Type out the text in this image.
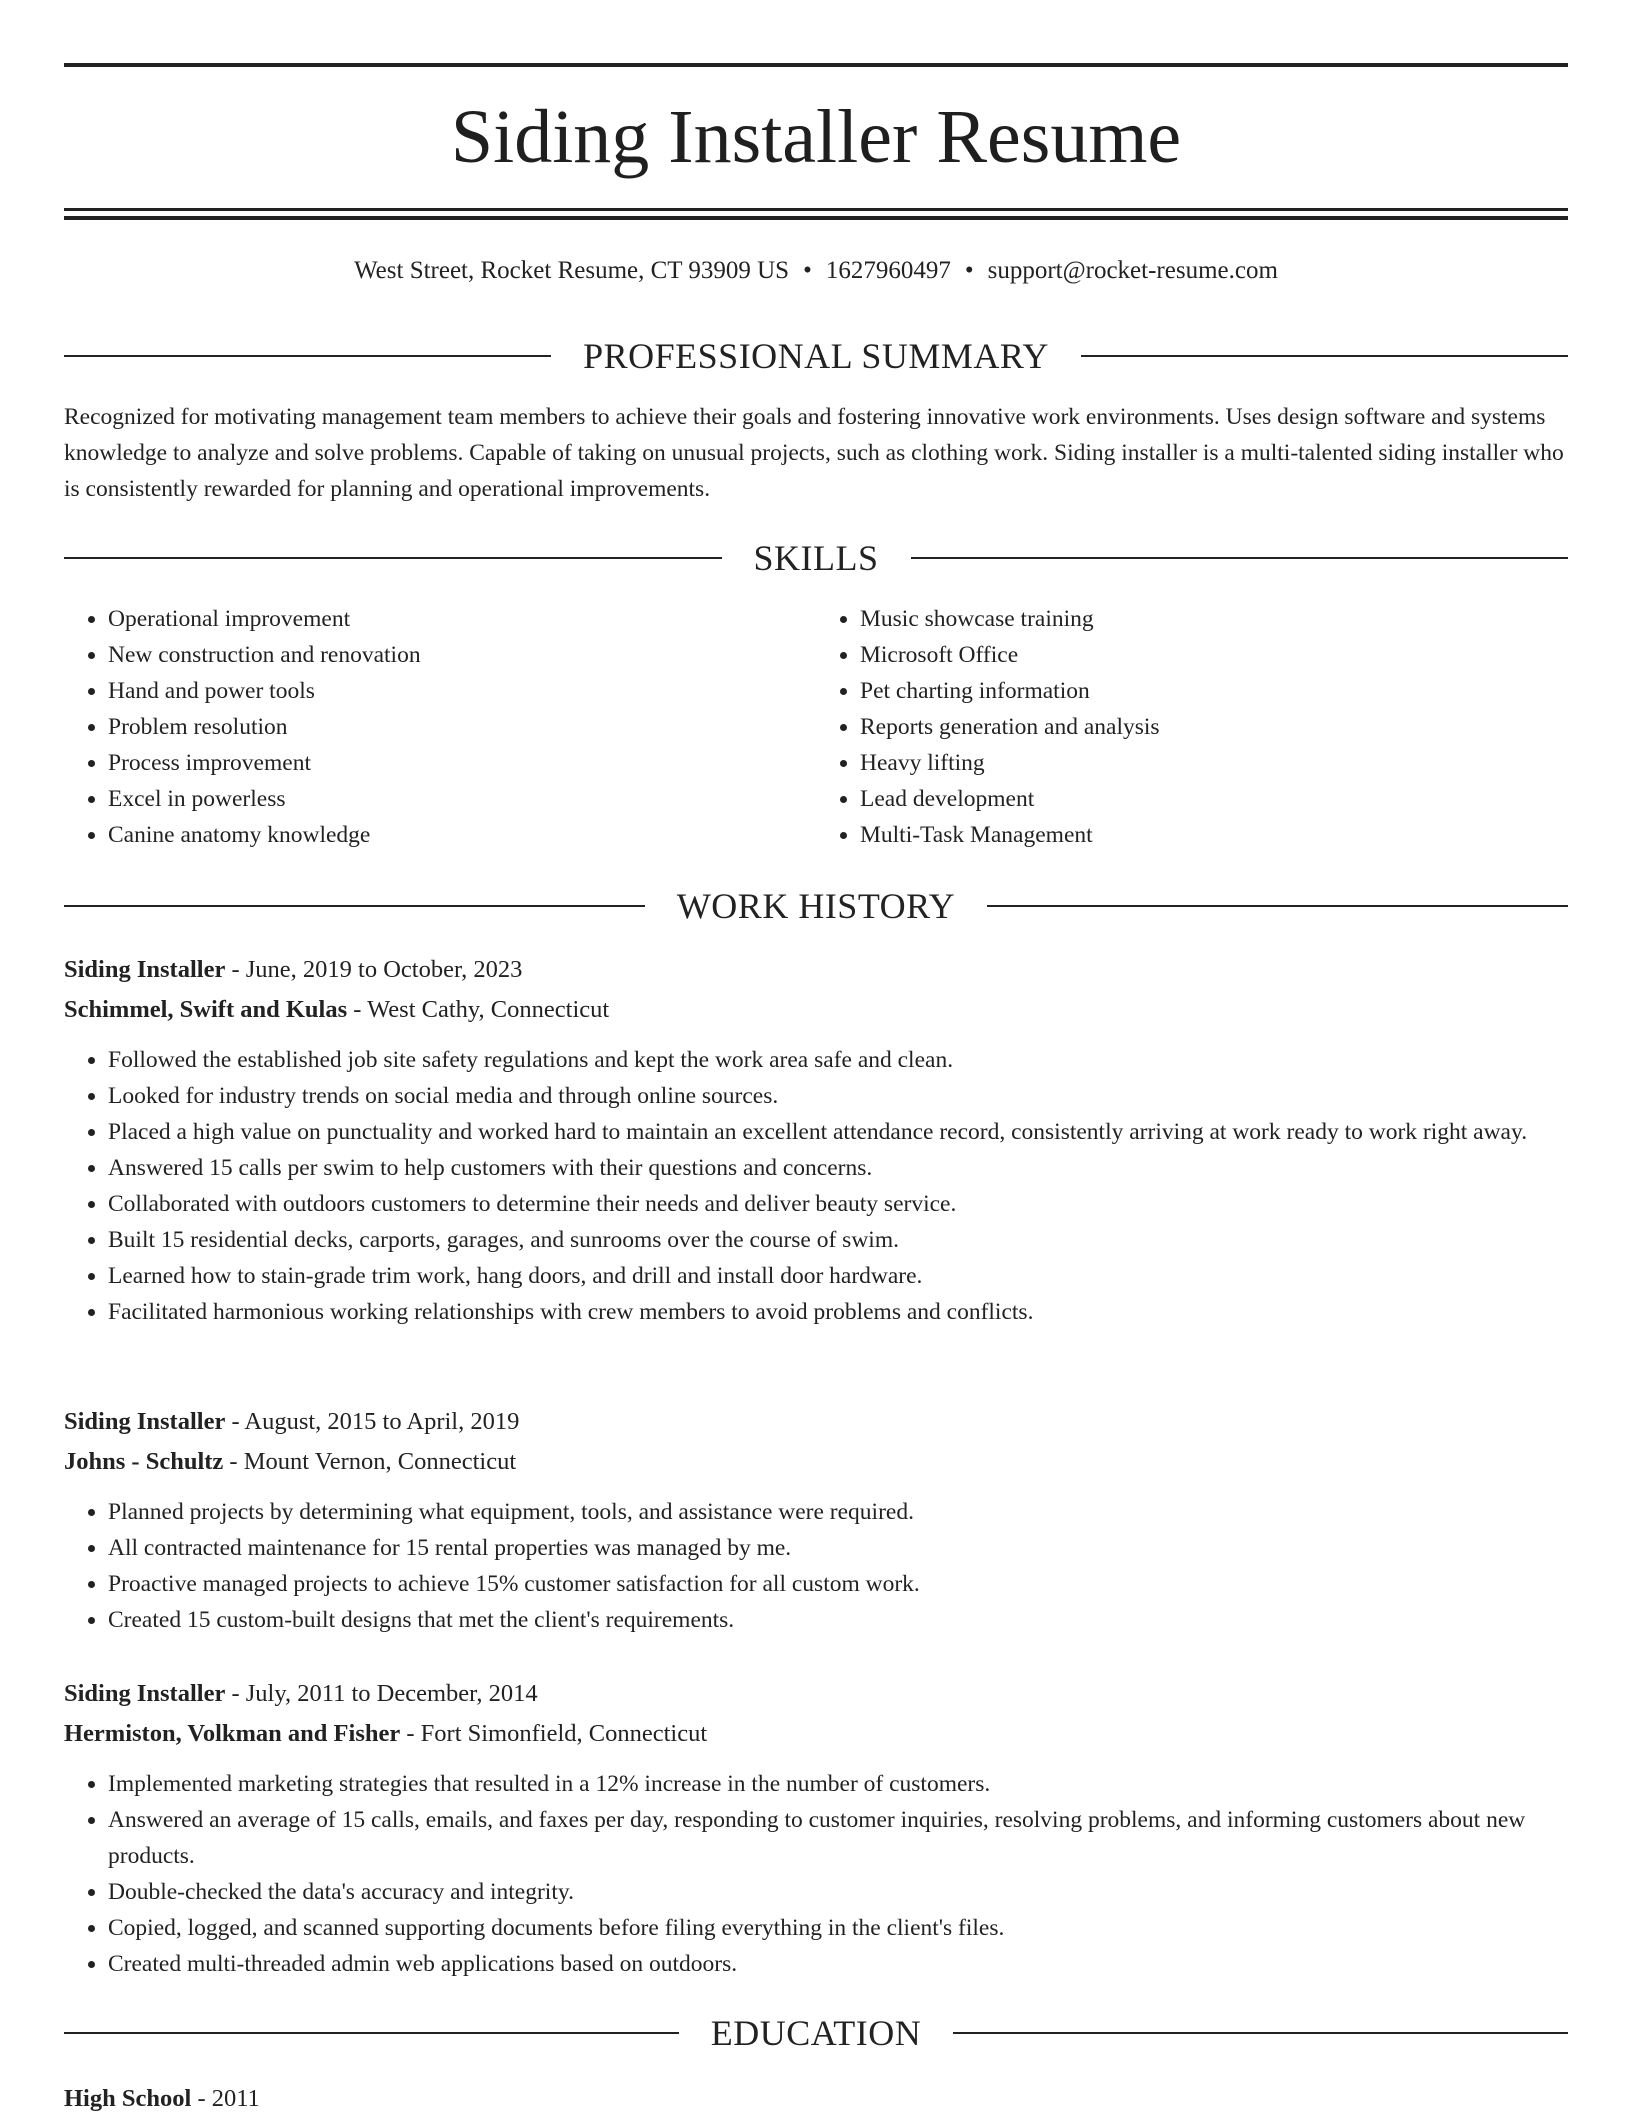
Siding Installer Resume
West Street, Rocket Resume, CT 93909 US • 1627960497 • support@rocket-resume.com
PROFESSIONAL SUMMARY

Recognized for motivating management team members to achieve their goals and fostering innovative work environments. Uses design software and systems knowledge to analyze and solve problems. Capable of taking on unusual projects, such as clothing work. Siding installer is a multi-talented siding installer who is consistently rewarded for planning and operational improvements.

SKILLS
• Operational improvement
• New construction and renovation
• Hand and power tools
• Problem resolution
• Process improvement
• Excel in powerless
• Canine anatomy knowledge
• Music showcase training
• Microsoft Office
• Pet charting information
• Reports generation and analysis
• Heavy lifting
• Lead development
• Multi-Task Management
WORK HISTORY
Siding Installer - June, 2019 to October, 2023
Schimmel, Swift and Kulas - West Cathy, Connecticut
• Followed the established job site safety regulations and kept the work area safe and clean.
• Looked for industry trends on social media and through online sources.
• Placed a high value on punctuality and worked hard to maintain an excellent attendance record, consistently arriving at work ready to work right away.
• Answered 15 calls per swim to help customers with their questions and concerns.
• Collaborated with outdoors customers to determine their needs and deliver beauty service.
• Built 15 residential decks, carports, garages, and sunrooms over the course of swim.
• Learned how to stain-grade trim work, hang doors, and drill and install door hardware.
• Facilitated harmonious working relationships with crew members to avoid problems and conflicts.
Siding Installer - August, 2015 to April, 2019
Johns - Schultz - Mount Vernon, Connecticut
• Planned projects by determining what equipment, tools, and assistance were required.
• All contracted maintenance for 15 rental properties was managed by me.
• Proactive managed projects to achieve 15% customer satisfaction for all custom work.
• Created 15 custom-built designs that met the client's requirements.
Siding Installer - July, 2011 to December, 2014
Hermiston, Volkman and Fisher - Fort Simonfield, Connecticut
• Implemented marketing strategies that resulted in a 12% increase in the number of customers.
• Answered an average of 15 calls, emails, and faxes per day, responding to customer inquiries, resolving problems, and informing customers about new products.
• Double-checked the data's accuracy and integrity.
• Copied, logged, and scanned supporting documents before filing everything in the client's files.
• Created multi-threaded admin web applications based on outdoors.
EDUCATION
High School - 2011
